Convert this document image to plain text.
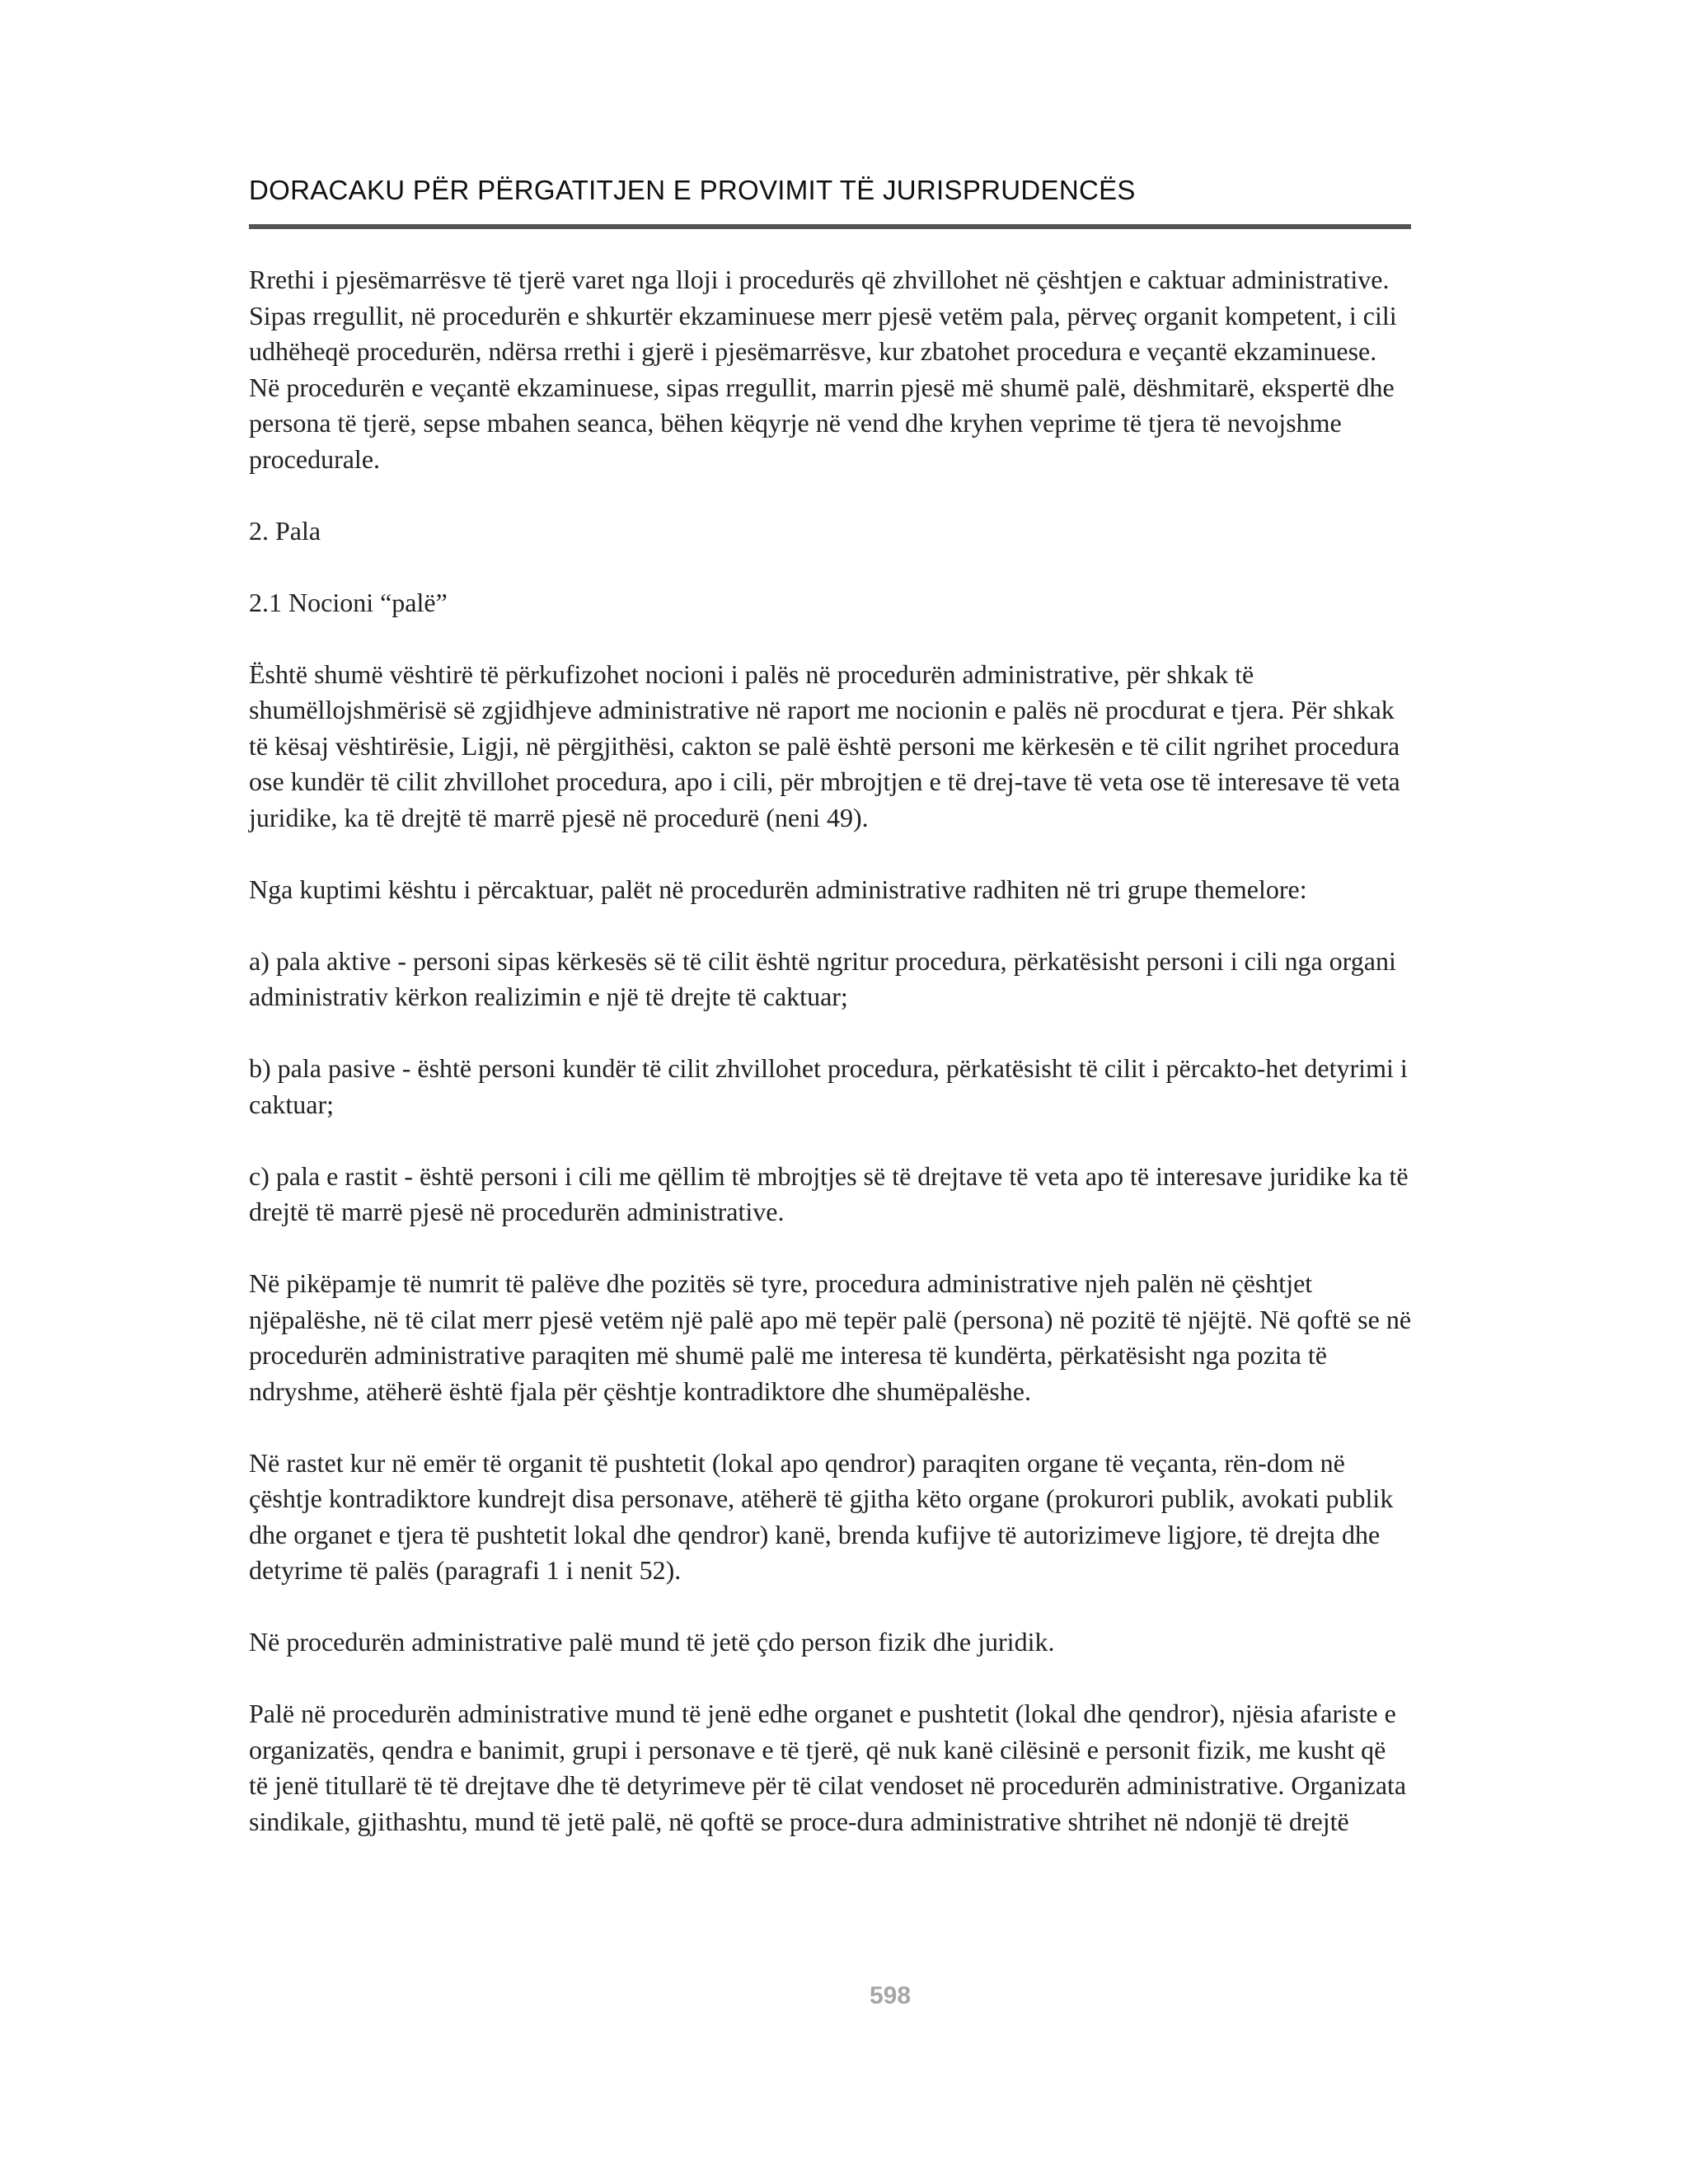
DORACAKU PËR PËRGATITJEN E PROVIMIT TË JURISPRUDENCËS

Rrethi i pjesëmarrësve të tjerë varet nga lloji i procedurës që zhvillohet në çështjen e caktuar administrative. Sipas rregullit, në procedurën e shkurtër ekzaminuese merr pjesë vetëm pala, përveç organit kompetent, i cili udhëheqë procedurën, ndërsa rrethi i gjerë i pjesëmarrësve, kur zbatohet procedura e veçantë ekzaminuese. Në procedurën e veçantë ekzaminuese, sipas rregullit, marrin pjesë më shumë palë, dëshmitarë, ekspertë dhe persona të tjerë, sepse mbahen seanca, bëhen këqyrje në vend dhe kryhen veprime të tjera të nevojshme procedurale.

2. Pala

2.1 Nocioni “palë”

Është shumë vështirë të përkufizohet nocioni i palës në procedurën administrative, për shkak të shumëllojshmërisë së zgjidhjeve administrative në raport me nocionin e palës në procdurat e tjera. Për shkak të kësaj vështirësie, Ligji, në përgjithësi, cakton se palë është personi me kërkesën e të cilit ngrihet procedura ose kundër të cilit zhvillohet procedura, apo i cili, për mbrojtjen e të drej-tave të veta ose të interesave të veta juridike, ka të drejtë të marrë pjesë në procedurë (neni 49).

Nga kuptimi kështu i përcaktuar, palët në procedurën administrative radhiten në tri grupe themelore:

a) pala aktive - personi sipas kërkesës së të cilit është ngritur procedura, përkatësisht personi i cili nga organi administrativ kërkon realizimin e një të drejte të caktuar;

b) pala pasive - është personi kundër të cilit zhvillohet procedura, përkatësisht të cilit i përcakto-het detyrimi i caktuar;

c) pala e rastit - është personi i cili me qëllim të mbrojtjes së të drejtave të veta apo të interesave juridike ka të drejtë të marrë pjesë në procedurën administrative.

Në pikëpamje të numrit të palëve dhe pozitës së tyre, procedura administrative njeh palën në çështjet njëpalëshe, në të cilat merr pjesë vetëm një palë apo më tepër palë (persona) në pozitë të njëjtë. Në qoftë se në procedurën administrative paraqiten më shumë palë me interesa të kundërta, përkatësisht nga pozita të ndryshme, atëherë është fjala për çështje kontradiktore dhe shumëpalëshe.

Në rastet kur në emër të organit të pushtetit (lokal apo qendror) paraqiten organe të veçanta, rën-dom në çështje kontradiktore kundrejt disa personave, atëherë të gjitha këto organe (prokurori publik, avokati publik dhe organet e tjera të pushtetit lokal dhe qendror) kanë, brenda kufijve të autorizimeve ligjore, të drejta dhe detyrime të palës (paragrafi 1 i nenit 52).

Në procedurën administrative palë mund të jetë çdo person fizik dhe juridik.

Palë në procedurën administrative mund të jenë edhe organet e pushtetit (lokal dhe qendror), njësia afariste e organizatës, qendra e banimit, grupi i personave e të tjerë, që nuk kanë cilësinë e personit fizik, me kusht që të jenë titullarë të të drejtave dhe të detyrimeve për të cilat vendoset në procedurën administrative. Organizata sindikale, gjithashtu, mund të jetë palë, në qoftë se proce-dura administrative shtrihet në ndonjë të drejtë

598
